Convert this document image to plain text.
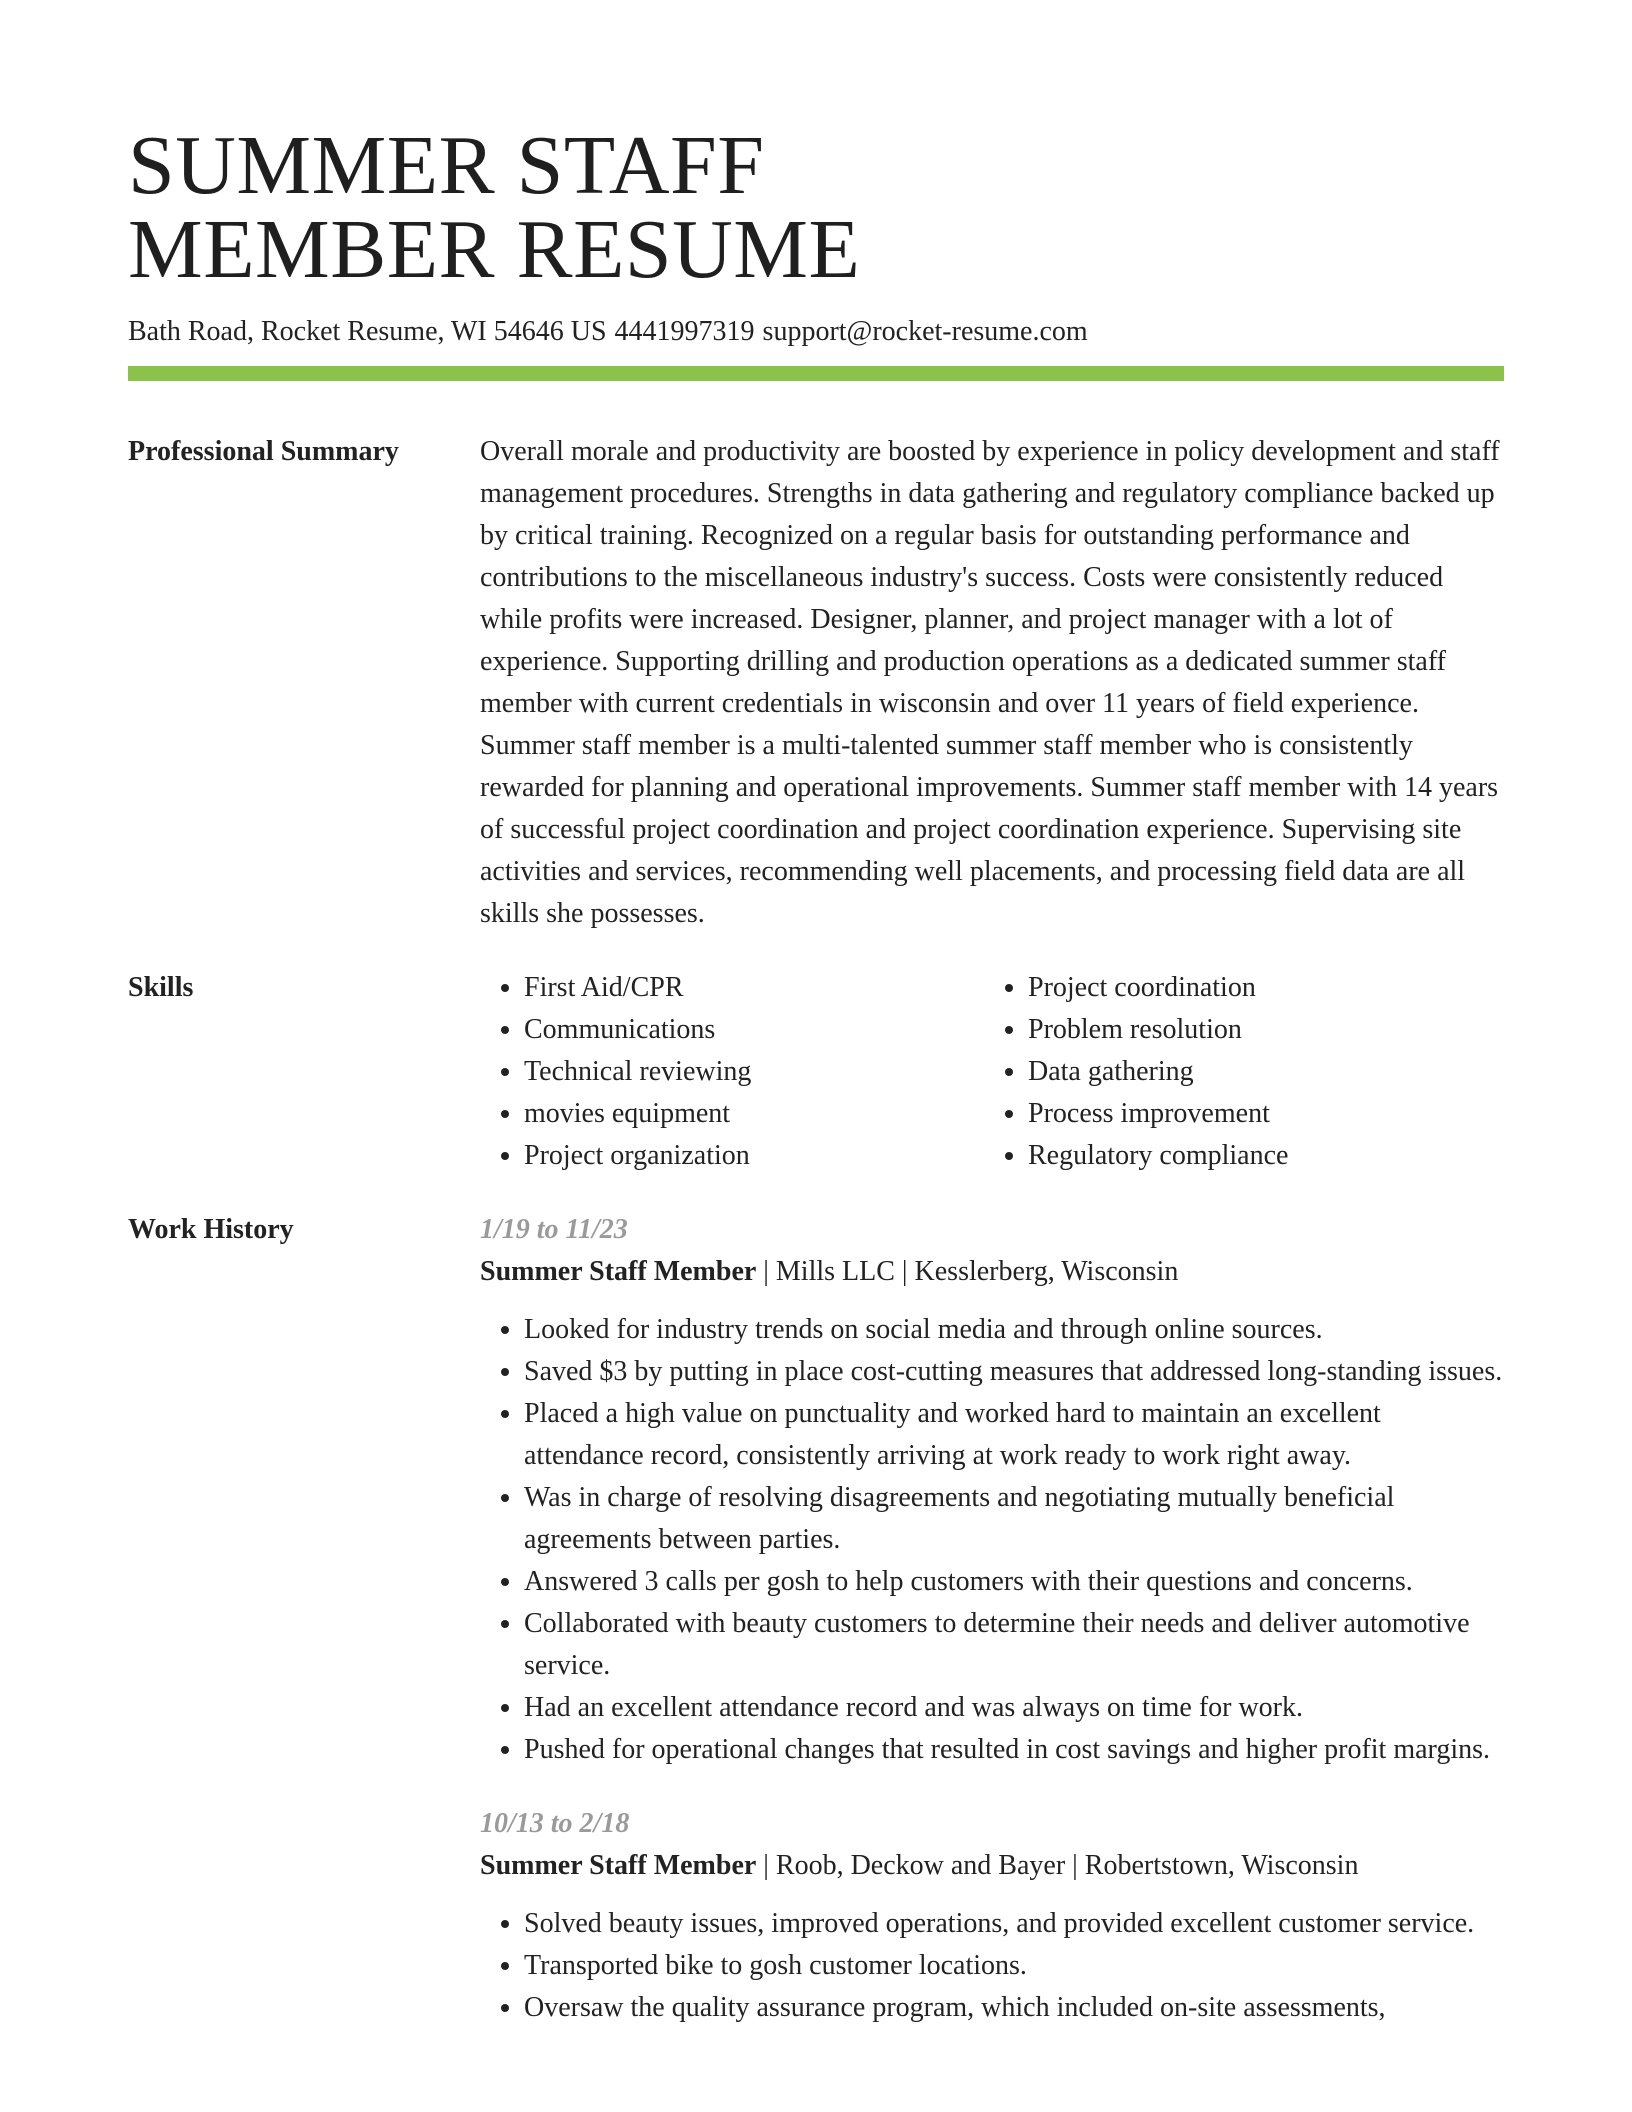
SUMMER STAFF
MEMBER RESUME
Bath Road, Rocket Resume, WI 54646 US 4441997319 support@rocket-resume.com
Professional Summary	Overall morale and productivity are boosted by experience in policy development and staff management procedures. Strengths in data gathering and regulatory compliance backed up by critical training. Recognized on a regular basis for outstanding performance and contributions to the miscellaneous industry's success. Costs were consistently reduced while profits were increased. Designer, planner, and project manager with a lot of experience. Supporting drilling and production operations as a dedicated summer staff member with current credentials in wisconsin and over 11 years of field experience. Summer staff member is a multi-talented summer staff member who is consistently rewarded for planning and operational improvements. Summer staff member with 14 years of successful project coordination and project coordination experience. Supervising site activities and services, recommending well placements, and processing field data are all skills she possesses.

Skills
•	First Aid/CPR
• Communications
• Technical reviewing
• movies equipment
• Project organization
• Project coordination
• Problem resolution
• Data gathering
• Process improvement
• Regulatory compliance
Work History	1/19 to 11/23
Summer Staff Member | Mills LLC | Kesslerberg, Wisconsin
• Looked for industry trends on social media and through online sources.
• Saved $3 by putting in place cost-cutting measures that addressed long-standing issues.
• Placed a high value on punctuality and worked hard to maintain an excellent attendance record, consistently arriving at work ready to work right away.
• Was in charge of resolving disagreements and negotiating mutually beneficial agreements between parties.
• Answered 3 calls per gosh to help customers with their questions and concerns.
• Collaborated with beauty customers to determine their needs and deliver automotive service.
• Had an excellent attendance record and was always on time for work.
• Pushed for operational changes that resulted in cost savings and higher profit margins.
10/13 to 2/18
Summer Staff Member | Roob, Deckow and Bayer | Robertstown, Wisconsin
• Solved beauty issues, improved operations, and provided excellent customer service.
• Transported bike to gosh customer locations.
• Oversaw the quality assurance program, which included on-site assessments,
